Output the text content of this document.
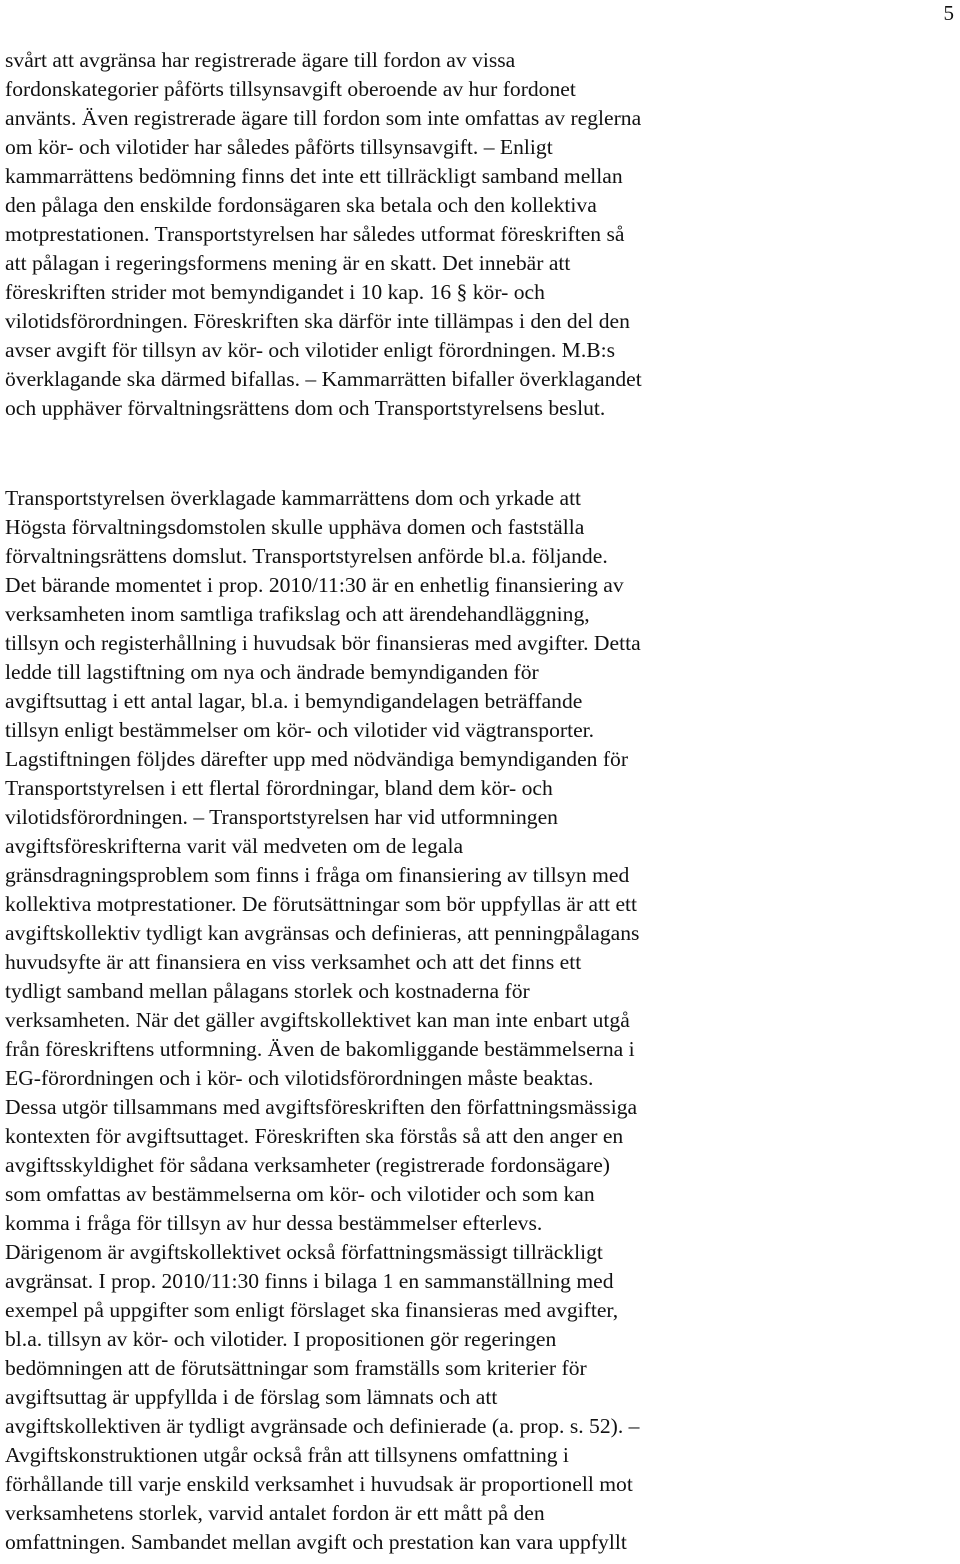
5
svårt att avgränsa har registrerade ägare till fordon av vissa
fordonskategorier påförts tillsynsavgift oberoende av hur fordonet
använts. Även registrerade ägare till fordon som inte omfattas av reglerna
om kör- och vilotider har således påförts tillsynsavgift. – Enligt
kammarrättens bedömning finns det inte ett tillräckligt samband mellan
den pålaga den enskilde fordonsägaren ska betala och den kollektiva
motprestationen. Transportstyrelsen har således utformat föreskriften så
att pålagan i regeringsformens mening är en skatt. Det innebär att
föreskriften strider mot bemyndigandet i 10 kap. 16 § kör- och
vilotidsförordningen. Föreskriften ska därför inte tillämpas i den del den
avser avgift för tillsyn av kör- och vilotider enligt förordningen. M.B:s
överklagande ska därmed bifallas. – Kammarrätten bifaller överklagandet
och upphäver förvaltningsrättens dom och Transportstyrelsens beslut.
Transportstyrelsen överklagade kammarrättens dom och yrkade att
Högsta förvaltningsdomstolen skulle upphäva domen och fastställa
förvaltningsrättens domslut. Transportstyrelsen anförde bl.a. följande.
Det bärande momentet i prop. 2010/11:30 är en enhetlig finansiering av
verksamheten inom samtliga trafikslag och att ärendehandläggning,
tillsyn och registerhållning i huvudsak bör finansieras med avgifter. Detta
ledde till lagstiftning om nya och ändrade bemyndiganden för
avgiftsuttag i ett antal lagar, bl.a. i bemyndigandelagen beträffande
tillsyn enligt bestämmelser om kör- och vilotider vid vägtransporter.
Lagstiftningen följdes därefter upp med nödvändiga bemyndiganden för
Transportstyrelsen i ett flertal förordningar, bland dem kör- och
vilotidsförordningen. – Transportstyrelsen har vid utformningen
avgiftsföreskrifterna varit väl medveten om de legala
gränsdragningsproblem som finns i fråga om finansiering av tillsyn med
kollektiva motprestationer. De förutsättningar som bör uppfyllas är att ett
avgiftskollektiv tydligt kan avgränsas och definieras, att penningpålagans
huvudsyfte är att finansiera en viss verksamhet och att det finns ett
tydligt samband mellan pålagans storlek och kostnaderna för
verksamheten. När det gäller avgiftskollektivet kan man inte enbart utgå
från föreskriftens utformning. Även de bakomliggande bestämmelserna i
EG-förordningen och i kör- och vilotidsförordningen måste beaktas.
Dessa utgör tillsammans med avgiftsföreskriften den författningsmässiga
kontexten för avgiftsuttaget. Föreskriften ska förstås så att den anger en
avgiftsskyldighet för sådana verksamheter (registrerade fordonsägare)
som omfattas av bestämmelserna om kör- och vilotider och som kan
komma i fråga för tillsyn av hur dessa bestämmelser efterlevs.
Därigenom är avgiftskollektivet också författningsmässigt tillräckligt
avgränsat. I prop. 2010/11:30 finns i bilaga 1 en sammanställning med
exempel på uppgifter som enligt förslaget ska finansieras med avgifter,
bl.a. tillsyn av kör- och vilotider. I propositionen gör regeringen
bedömningen att de förutsättningar som framställs som kriterier för
avgiftsuttag är uppfyllda i de förslag som lämnats och att
avgiftskollektiven är tydligt avgränsade och definierade (a. prop. s. 52). –
Avgiftskonstruktionen utgår också från att tillsynens omfattning i
förhållande till varje enskild verksamhet i huvudsak är proportionell mot
verksamhetens storlek, varvid antalet fordon är ett mått på den
omfattningen. Sambandet mellan avgift och prestation kan vara uppfyllt
